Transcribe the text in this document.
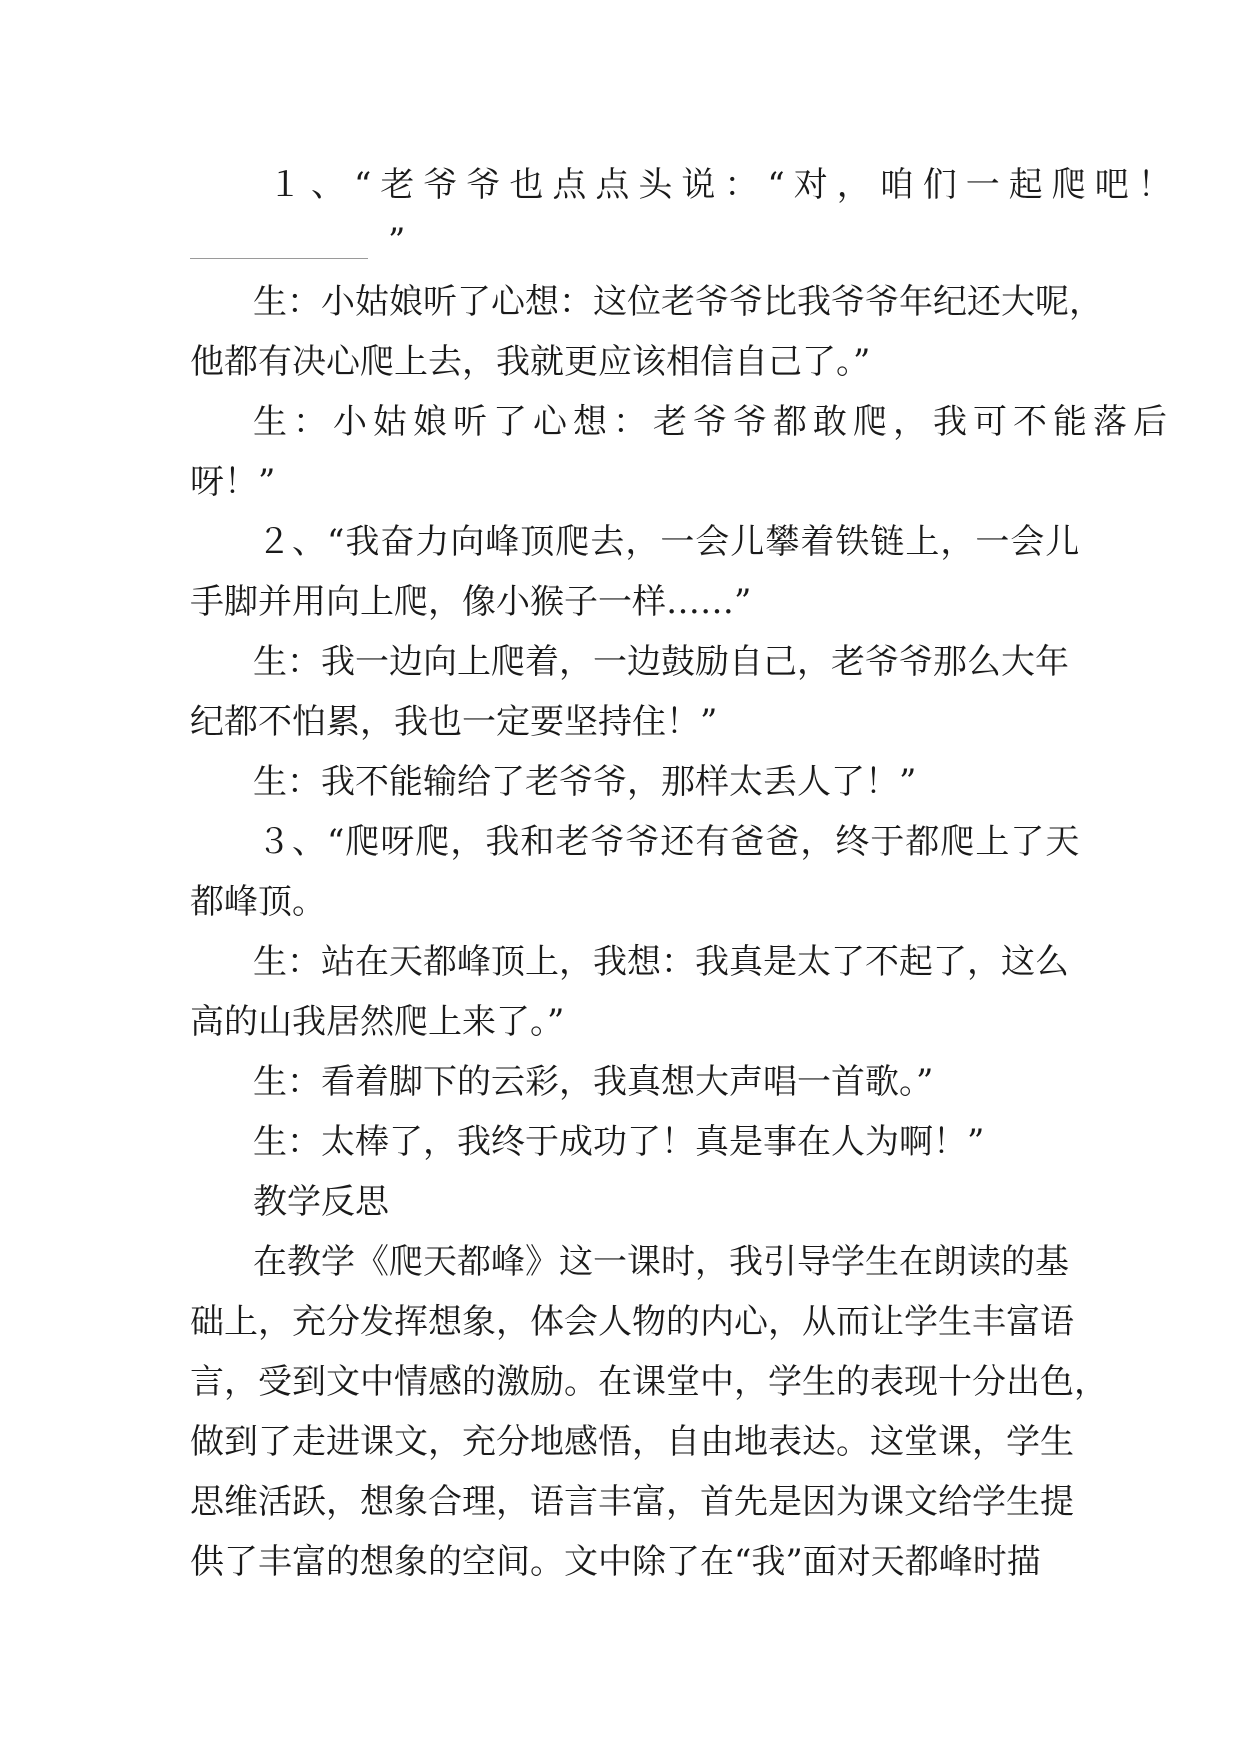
１、“老爷爷也点点头说：“对，咱们一起爬吧！
”
生：小姑娘听了心想：这位老爷爷比我爷爷年纪还大呢，
他都有决心爬上去，我就更应该相信自己了。”
生：小姑娘听了心想：老爷爷都敢爬，我可不能落后
呀！”
２、“我奋力向峰顶爬去，一会儿攀着铁链上，一会儿
手脚并用向上爬，像小猴子一样……”
生：我一边向上爬着，一边鼓励自己，老爷爷那么大年
纪都不怕累，我也一定要坚持住！”
生：我不能输给了老爷爷，那样太丢人了！”
３、“爬呀爬，我和老爷爷还有爸爸，终于都爬上了天
都峰顶。
生：站在天都峰顶上，我想：我真是太了不起了，这么
高的山我居然爬上来了。”
生：看着脚下的云彩，我真想大声唱一首歌。”
生：太棒了，我终于成功了！真是事在人为啊！”
教学反思
在教学《爬天都峰》这一课时，我引导学生在朗读的基
础上，充分发挥想象，体会人物的内心，从而让学生丰富语
言，受到文中情感的激励。在课堂中，学生的表现十分出色，
做到了走进课文，充分地感悟，自由地表达。这堂课，学生
思维活跃，想象合理，语言丰富，首先是因为课文给学生提
供了丰富的想象的空间。文中除了在“我”面对天都峰时描
